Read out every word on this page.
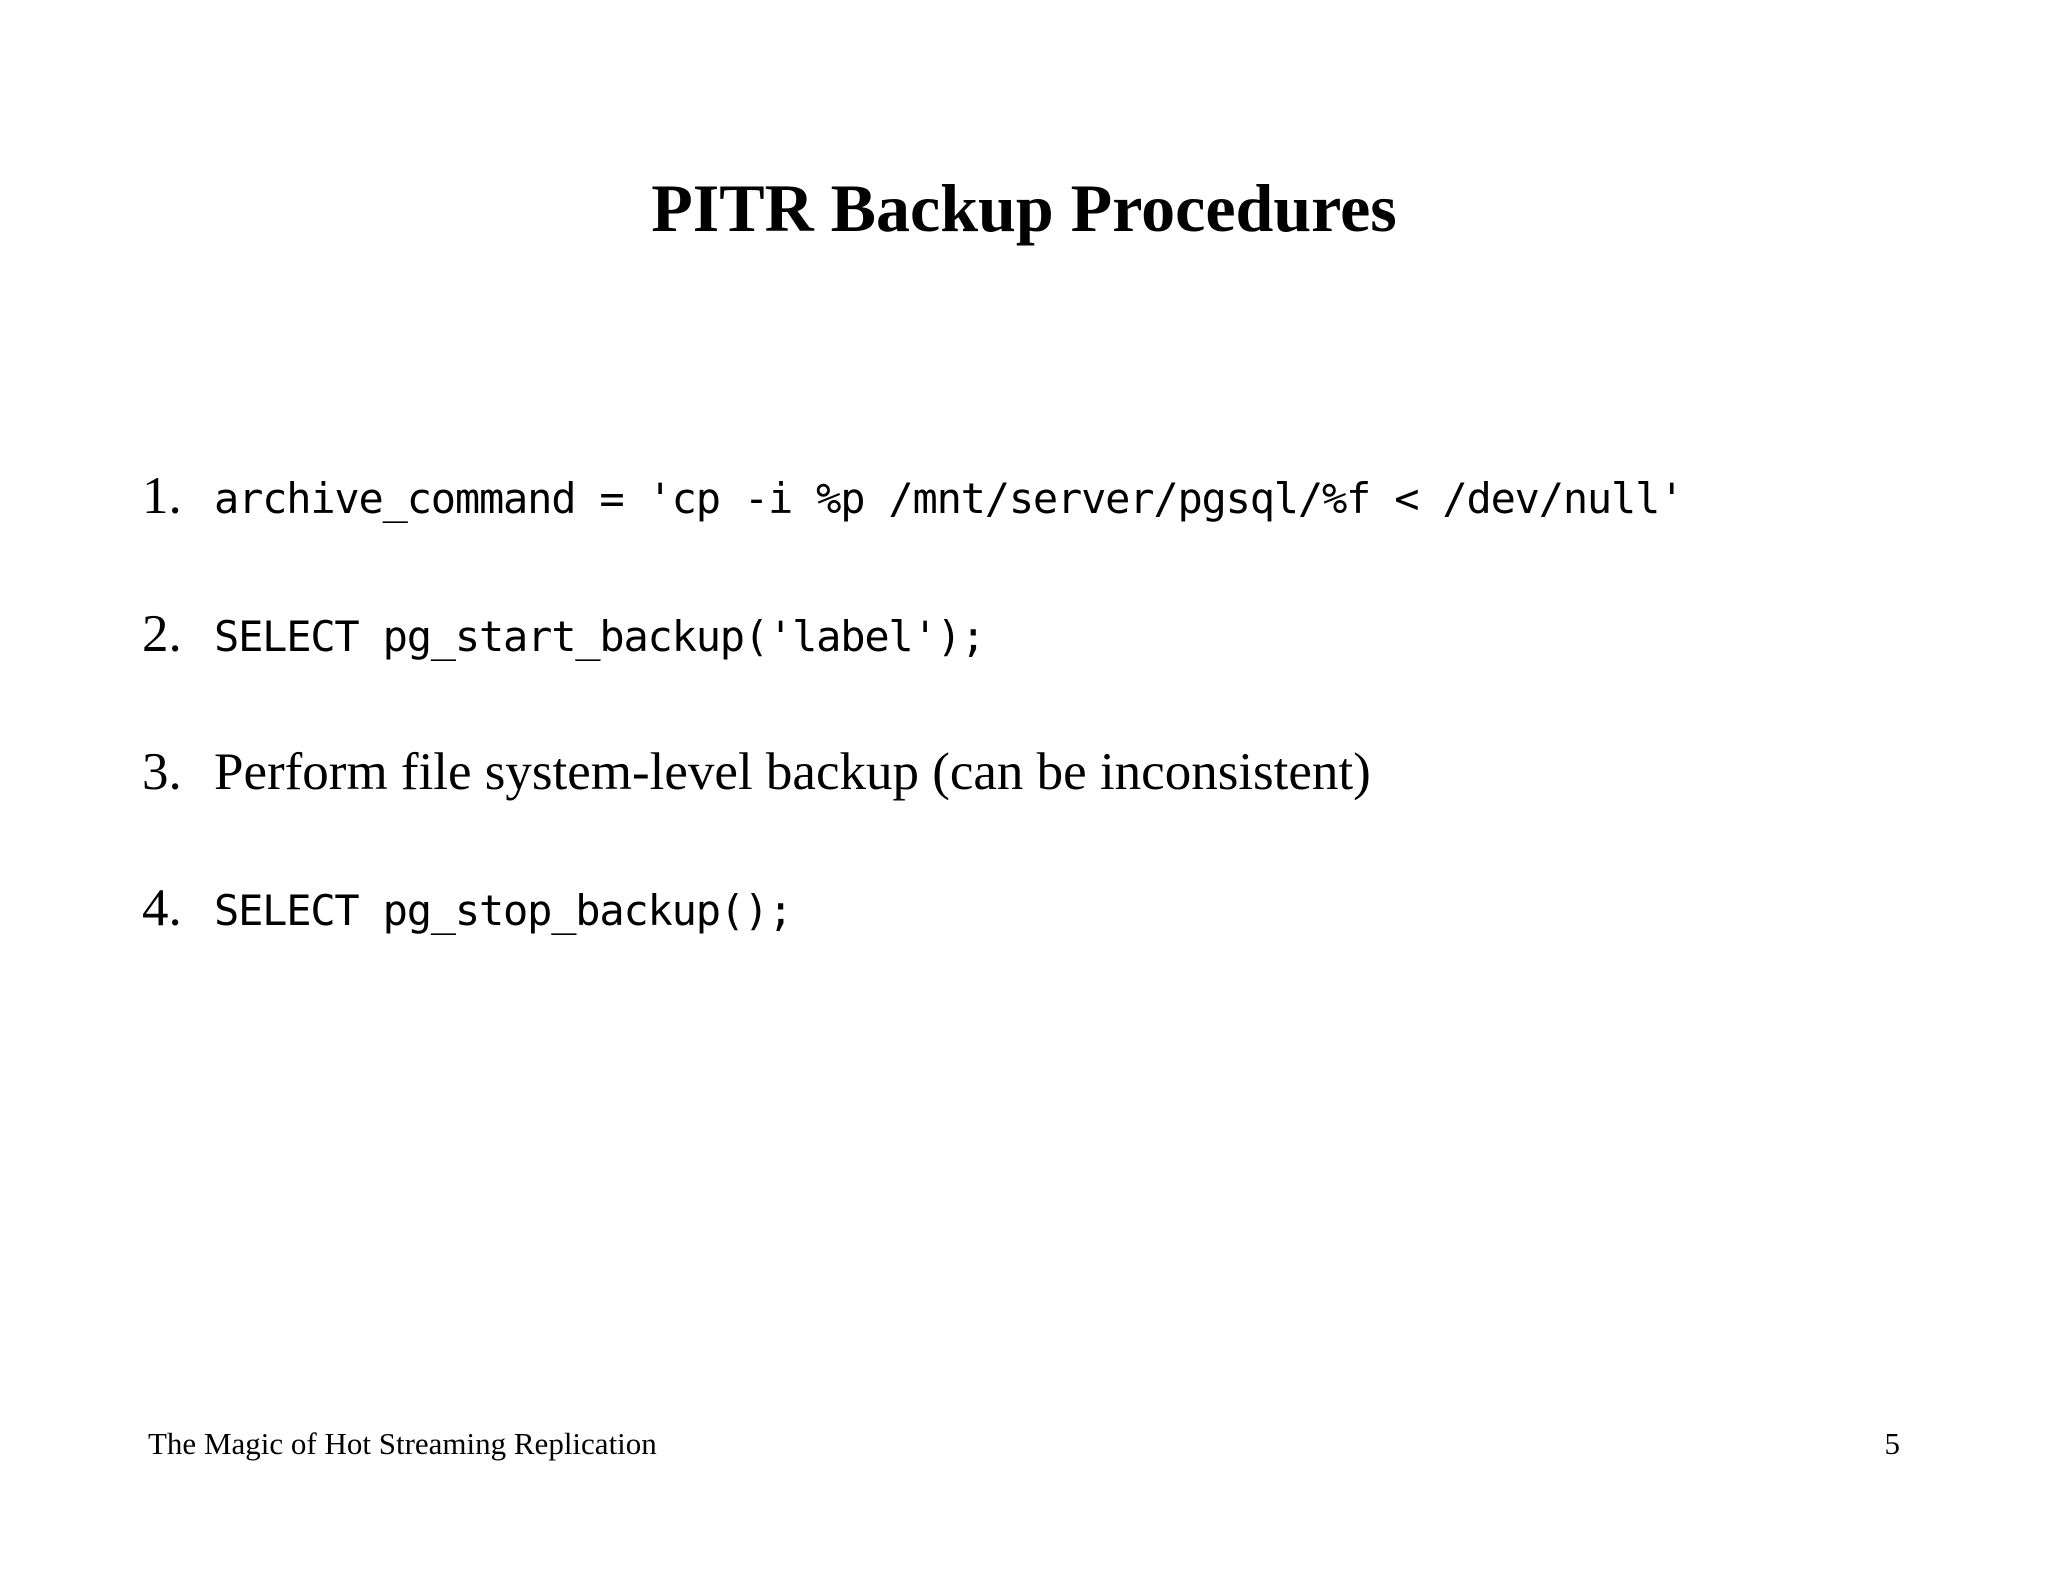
PITR Backup Procedures
1. archive_command = 'cp -i %p /mnt/server/pgsql/%f < /dev/null'
2. SELECT pg_start_backup('label');
3. Perform file system-level backup (can be inconsistent)
4. SELECT pg_stop_backup();
The Magic of Hot Streaming Replication	5
